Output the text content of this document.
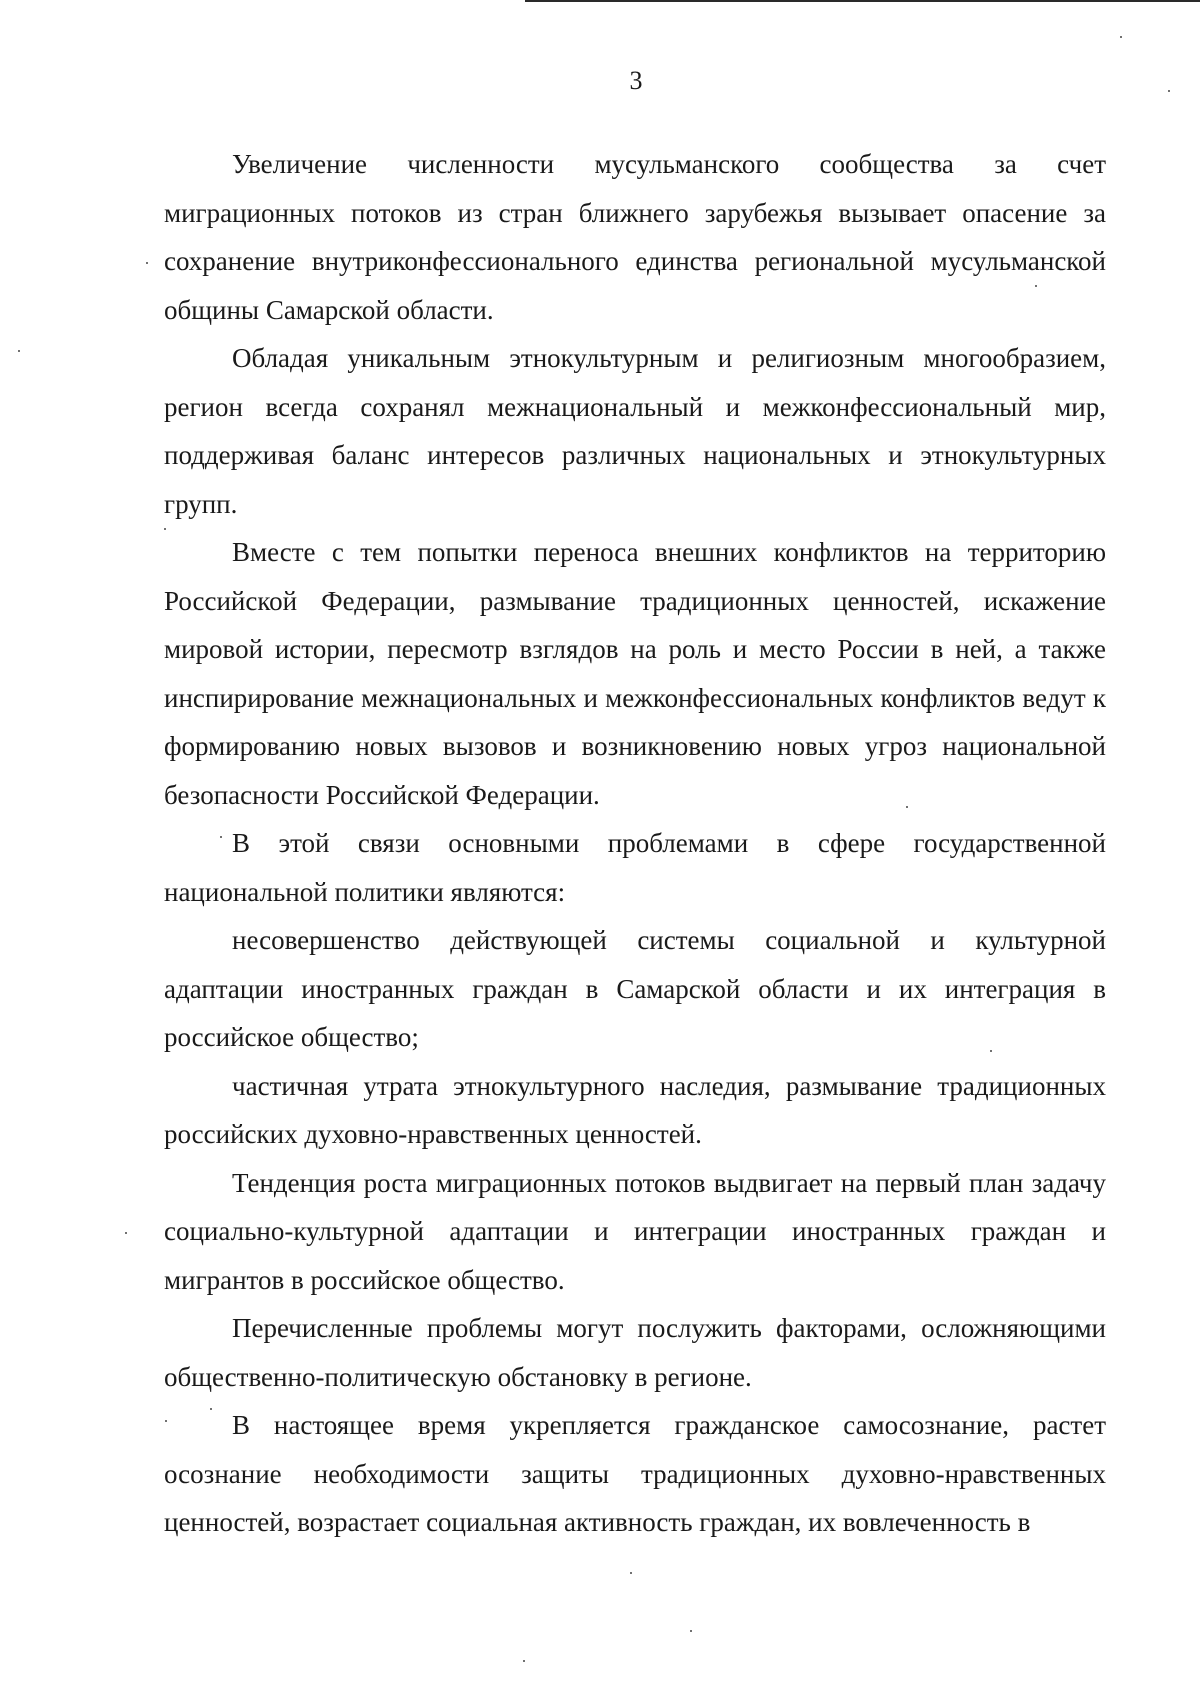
3

Увеличение численности мусульманского сообщества за счет миграционных потоков из стран ближнего зарубежья вызывает опасение за сохранение внутриконфессионального единства региональной мусульманской общины Самарской области.

Обладая уникальным этнокультурным и религиозным многообразием, регион всегда сохранял межнациональный и межконфессиональный мир, поддерживая баланс интересов различных национальных и этнокультурных групп.

Вместе с тем попытки переноса внешних конфликтов на территорию Российской Федерации, размывание традиционных ценностей, искажение мировой истории, пересмотр взглядов на роль и место России в ней, а также инспирирование межнациональных и межконфессиональных конфликтов ведут к формированию новых вызовов и возникновению новых угроз национальной безопасности Российской Федерации.

В этой связи основными проблемами в сфере государственной национальной политики являются:

несовершенство действующей системы социальной и культурной адаптации иностранных граждан в Самарской области и их интеграция в российское общество;

частичная утрата этнокультурного наследия, размывание традиционных российских духовно-нравственных ценностей.

Тенденция роста миграционных потоков выдвигает на первый план задачу социально-культурной адаптации и интеграции иностранных граждан и мигрантов в российское общество.

Перечисленные проблемы могут послужить факторами, осложняющими общественно-политическую обстановку в регионе.

В настоящее время укрепляется гражданское самосознание, растет осознание необходимости защиты традиционных духовно-нравственных ценностей, возрастает социальная активность граждан, их вовлеченность в
